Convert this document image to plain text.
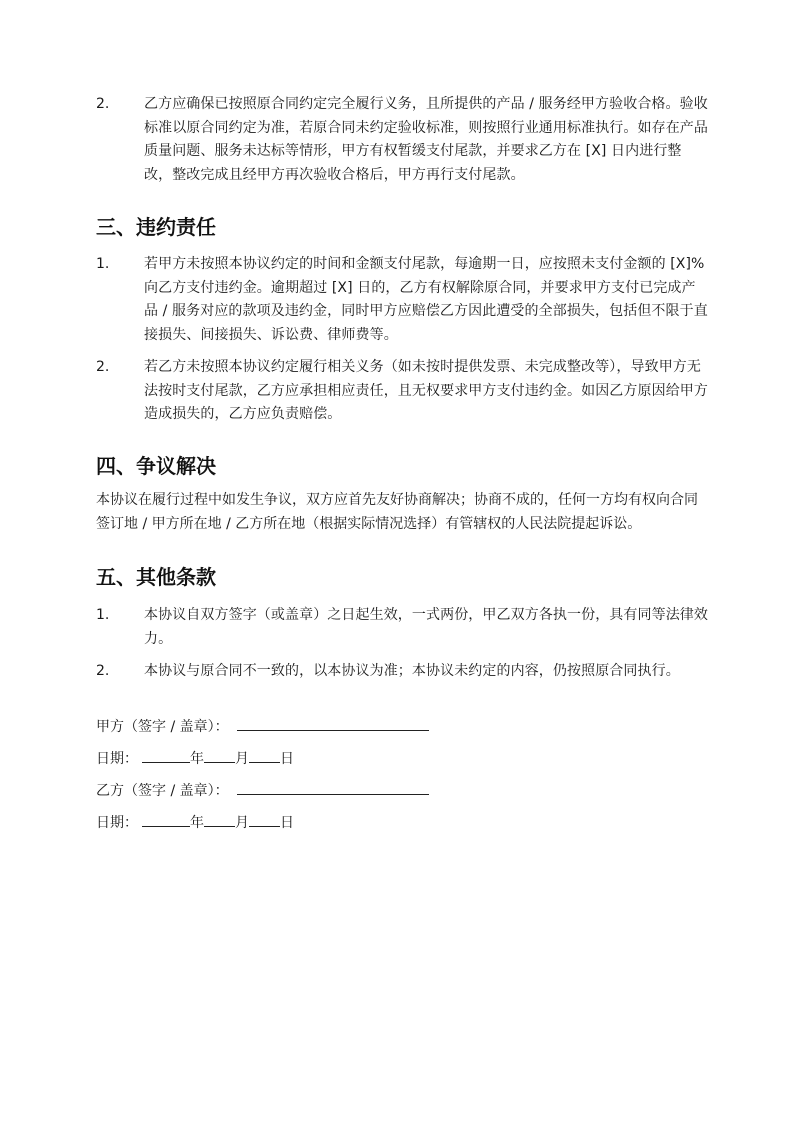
2. 乙方应确保已按照原合同约定完全履行义务，且所提供的产品 / 服务经甲方验收合格。验收标准以原合同约定为准，若原合同未约定验收标准，则按照行业通用标准执行。如存在产品质量问题、服务未达标等情形，甲方有权暂缓支付尾款，并要求乙方在 [X] 日内进行整改，整改完成且经甲方再次验收合格后，甲方再行支付尾款。
三、违约责任
1. 若甲方未按照本协议约定的时间和金额支付尾款，每逾期一日，应按照未支付金额的 [X]% 向乙方支付违约金。逾期超过 [X] 日的，乙方有权解除原合同，并要求甲方支付已完成产品 / 服务对应的款项及违约金，同时甲方应赔偿乙方因此遭受的全部损失，包括但不限于直接损失、间接损失、诉讼费、律师费等。
2. 若乙方未按照本协议约定履行相关义务（如未按时提供发票、未完成整改等），导致甲方无法按时支付尾款，乙方应承担相应责任，且无权要求甲方支付违约金。如因乙方原因给甲方造成损失的，乙方应负责赔偿。
四、争议解决
本协议在履行过程中如发生争议，双方应首先友好协商解决；协商不成的，任何一方均有权向合同签订地 / 甲方所在地 / 乙方所在地（根据实际情况选择）有管辖权的人民法院提起诉讼。
五、其他条款
1. 本协议自双方签字（或盖章）之日起生效，一式两份，甲乙双方各执一份，具有同等法律效力。
2. 本协议与原合同不一致的，以本协议为准；本协议未约定的内容，仍按照原合同执行。
甲方（签字 / 盖章）：
日期：	年 月 日
乙方（签字 / 盖章）：
日期：	年 月 日
